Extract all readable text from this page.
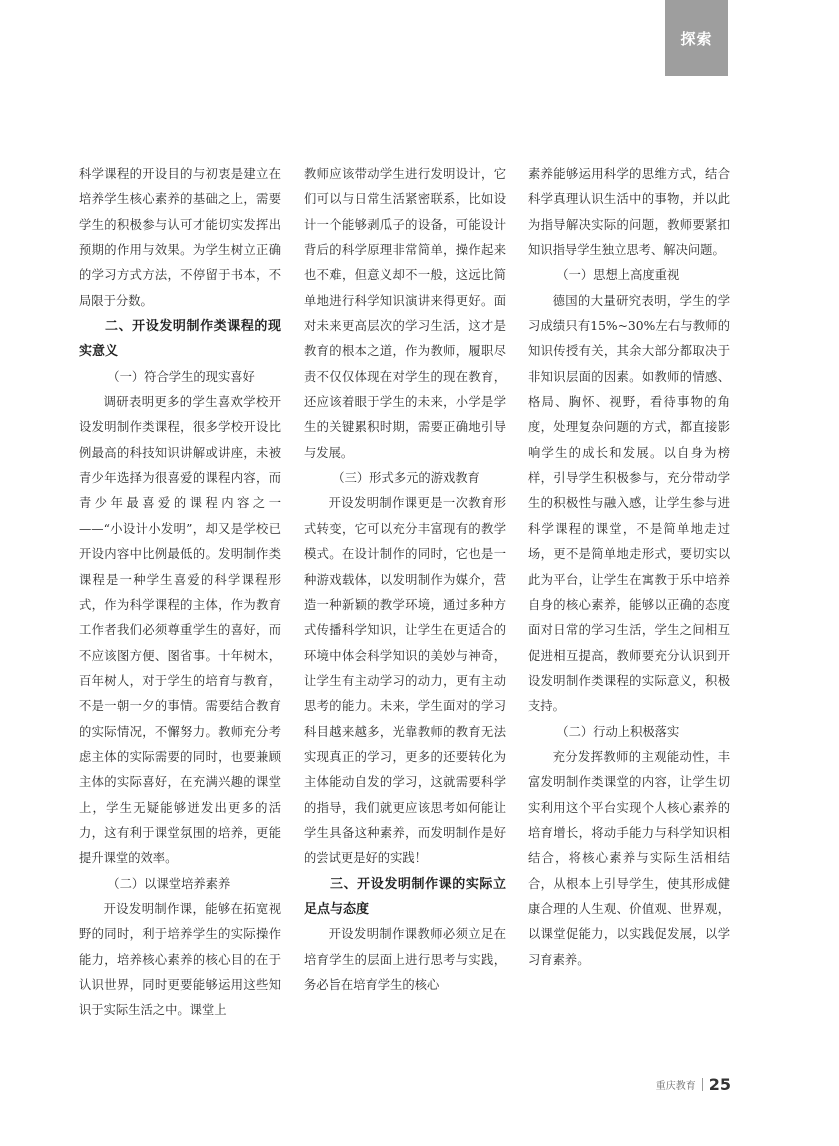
探索

科学课程的开设目的与初衷是建立在培养学生核心素养的基础之上，需要学生的积极参与认可才能切实发挥出预期的作用与效果。为学生树立正确的学习方式方法，不停留于书本，不局限于分数。

二、开设发明制作类课程的现实意义
（一）符合学生的现实喜好

调研表明更多的学生喜欢学校开设发明制作类课程，很多学校开设比例最高的科技知识讲解或讲座，未被青少年选择为很喜爱的课程内容，而青少年最喜爱的课程内容之一——“小设计小发明”，却又是学校已开设内容中比例最低的。发明制作类课程是一种学生喜爱的科学课程形式，作为科学课程的主体，作为教育工作者我们必须尊重学生的喜好，而不应该图方便、图省事。十年树木，百年树人，对于学生的培育与教育，不是一朝一夕的事情。需要结合教育的实际情况，不懈努力。教师充分考虑主体的实际需要的同时，也要兼顾主体的实际喜好，在充满兴趣的课堂上，学生无疑能够迸发出更多的活力，这有利于课堂氛围的培养，更能提升课堂的效率。

（二）以课堂培养素养

开设发明制作课，能够在拓宽视野的同时，利于培养学生的实际操作能力，培养核心素养的核心目的在于认识世界，同时更要能够运用这些知识于实际生活之中。课堂上

教师应该带动学生进行发明设计，它们可以与日常生活紧密联系，比如设计一个能够剥瓜子的设备，可能设计背后的科学原理非常简单，操作起来也不难，但意义却不一般，这远比简单地进行科学知识演讲来得更好。面对未来更高层次的学习生活，这才是教育的根本之道，作为教师，履职尽责不仅仅体现在对学生的现在教育，还应该着眼于学生的未来，小学是学生的关键累积时期，需要正确地引导与发展。

（三）形式多元的游戏教育

开设发明制作课更是一次教育形式转变，它可以充分丰富现有的教学模式。在设计制作的同时，它也是一种游戏载体，以发明制作为媒介，营造一种新颖的教学环境，通过多种方式传播科学知识，让学生在更适合的环境中体会科学知识的美妙与神奇，让学生有主动学习的动力，更有主动思考的能力。未来，学生面对的学习科目越来越多，光靠教师的教育无法实现真正的学习，更多的还要转化为主体能动自发的学习，这就需要科学的指导，我们就更应该思考如何能让学生具备这种素养，而发明制作是好的尝试更是好的实践！

三、开设发明制作课的实际立足点与态度

开设发明制作课教师必须立足在培育学生的层面上进行思考与实践，务必旨在培育学生的核心

素养能够运用科学的思维方式，结合科学真理认识生活中的事物，并以此为指导解决实际的问题，教师要紧扣知识指导学生独立思考、解决问题。

（一）思想上高度重视

德国的大量研究表明，学生的学习成绩只有15%~30%左右与教师的知识传授有关，其余大部分都取决于非知识层面的因素。如教师的情感、格局、胸怀、视野，看待事物的角度，处理复杂问题的方式，都直接影响学生的成长和发展。以自身为榜样，引导学生积极参与，充分带动学生的积极性与融入感，让学生参与进科学课程的课堂，不是简单地走过场，更不是简单地走形式，要切实以此为平台，让学生在寓教于乐中培养自身的核心素养，能够以正确的态度面对日常的学习生活，学生之间相互促进相互提高，教师要充分认识到开设发明制作类课程的实际意义，积极支持。

（二）行动上积极落实

充分发挥教师的主观能动性，丰富发明制作类课堂的内容，让学生切实利用这个平台实现个人核心素养的培育增长，将动手能力与科学知识相结合，将核心素养与实际生活相结合，从根本上引导学生，使其形成健康合理的人生观、价值观、世界观，以课堂促能力，以实践促发展，以学习育素养。

重庆教育 25
